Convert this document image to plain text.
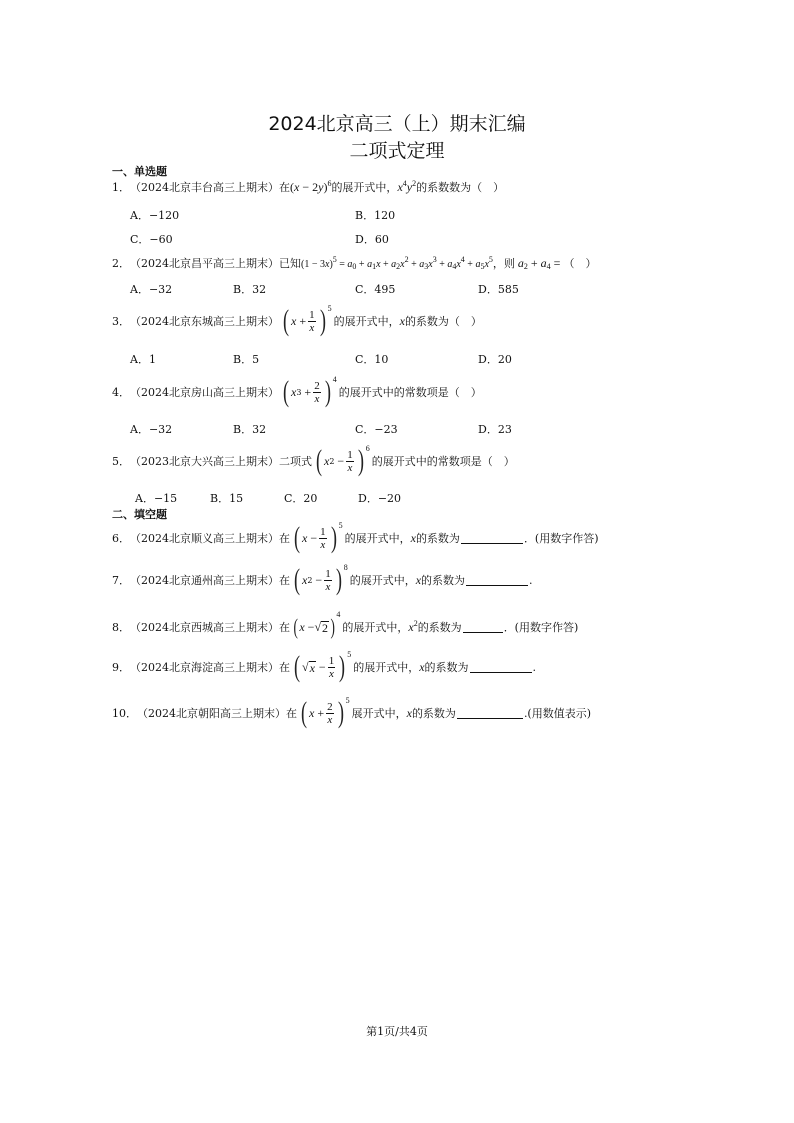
2024北京高三（上）期末汇编
二项式定理
一、单选题
1． （2024北京丰台高三上期末） 在 $(x - 2y)^6$ 的展开式中， $x^4y^2$ 的系数数为（　）
A．−120	B．120
C．−60	D．60
2． （2024北京昌平高三上期末） 已知 $(1 - 3x)^5 = a_0 + a_1x + a_2x^2 + a_3x^3 + a_4x^4 + a_5x^5$ ，则 $a_2 + a_4$ = （　）
A．−32	B．32	C．495	D．585
3． （2024北京东城高三上期末） ( $x + \frac{1}{x}$ ) 5
的展开式中， x 的系数为（　）
A．1	B．5	C．10	D．20
4． （2024北京房山高三上期末） ( x $3 + \frac{2}{x}$ ) 4
的展开式中的常数项是（　）
A．−32	B．32	C．−23	D．23
5． （2023北京大兴高三上期末） 二项式 ( x $2 - \frac{1}{x}$ ) 6
的展开式中的常数项是（　）
A．−15	B．15	C．20	D．−20
二、填空题
6． （2024北京顺义高三上期末） 在 ( $x - \frac{1}{x}$ ) 5
的展开式中， x 的系数为	．(用数字作答)
7． （2024北京通州高三上期末） 在 ( x $2 - \frac{1}{x}$ ) 8
的展开式中， x 的系数为	.
8． （2024北京西城高三上期末） 在 ( x − √ 2 ) 4
的展开式中， $x^2$ 的系数为	．(用数字作答)
9． （2024北京海淀高三上期末） 在 ( √ $x - \frac{1}{x}$ ) 5
的展开式中， x 的系数为	.
10． （2024北京朝阳高三上期末） 在 ( $x + \frac{2}{x}$ ) 5
展开式中， x 的系数为	.(用数值表示)
第1页/共4页
